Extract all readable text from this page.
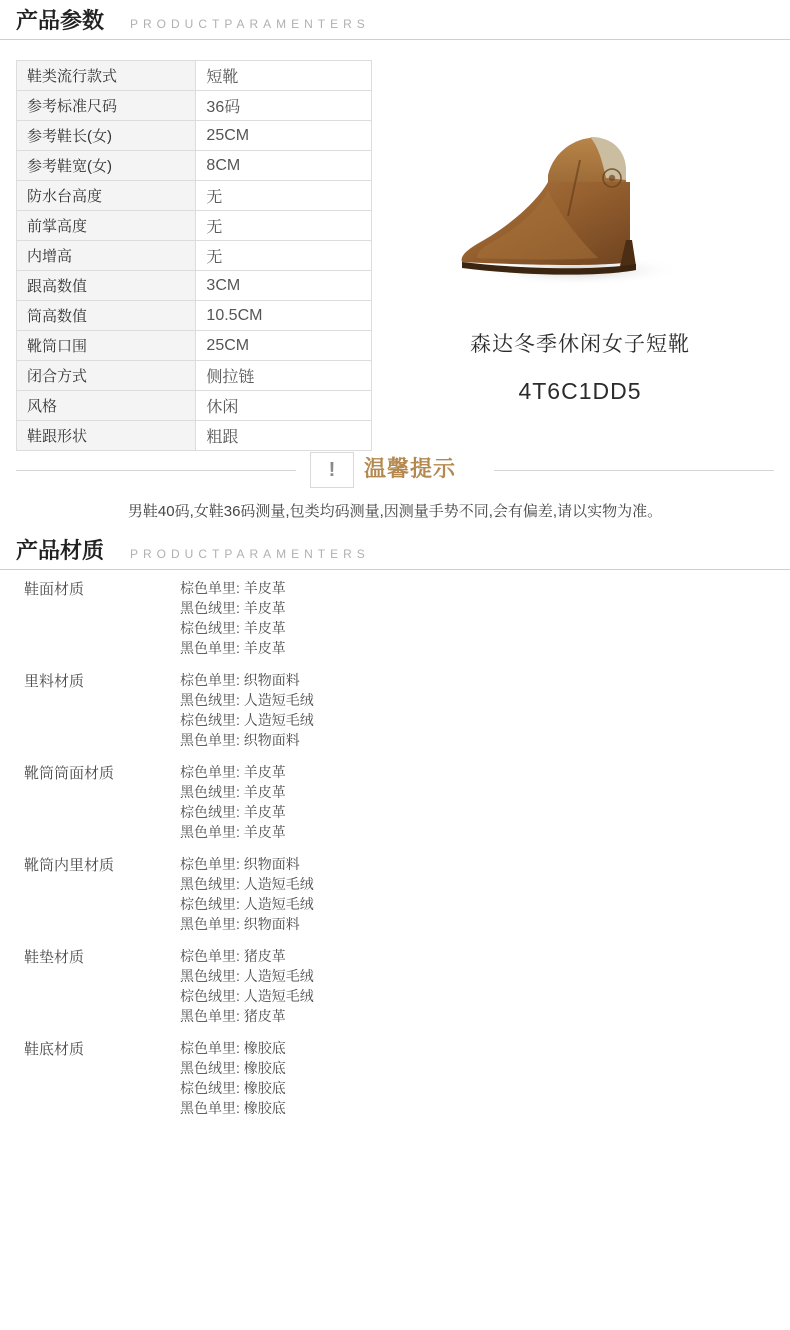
产品参数 PRODUCTPARAMENTERS
鞋类流行款式	短靴
参考标准尺码	36码
参考鞋长(女)	25CM
参考鞋宽(女)	8CM
防水台高度	无
前掌高度	无
内增高	无
跟高数值	3CM
筒高数值	10.5CM
靴筒口围	25CM
闭合方式	侧拉链
风格	休闲
鞋跟形状	粗跟
森达冬季休闲女子短靴
4T6C1DD5
!	温馨提示
男鞋40码,女鞋36码测量,包类均码测量,因测量手势不同,会有偏差,请以实物为准。
产品材质 PRODUCTPARAMENTERS
鞋面材质	棕色单里: 羊皮革
黑色绒里: 羊皮革
棕色绒里: 羊皮革
黑色单里: 羊皮革
里料材质	棕色单里: 织物面料
黑色绒里: 人造短毛绒
棕色绒里: 人造短毛绒
黑色单里: 织物面料
靴筒筒面材质	棕色单里: 羊皮革
黑色绒里: 羊皮革
棕色绒里: 羊皮革
黑色单里: 羊皮革
靴筒内里材质	棕色单里: 织物面料
黑色绒里: 人造短毛绒
棕色绒里: 人造短毛绒
黑色单里: 织物面料
鞋垫材质	棕色单里: 猪皮革
黑色绒里: 人造短毛绒
棕色绒里: 人造短毛绒
黑色单里: 猪皮革
鞋底材质	棕色单里: 橡胶底
黑色绒里: 橡胶底
棕色绒里: 橡胶底
黑色单里: 橡胶底
